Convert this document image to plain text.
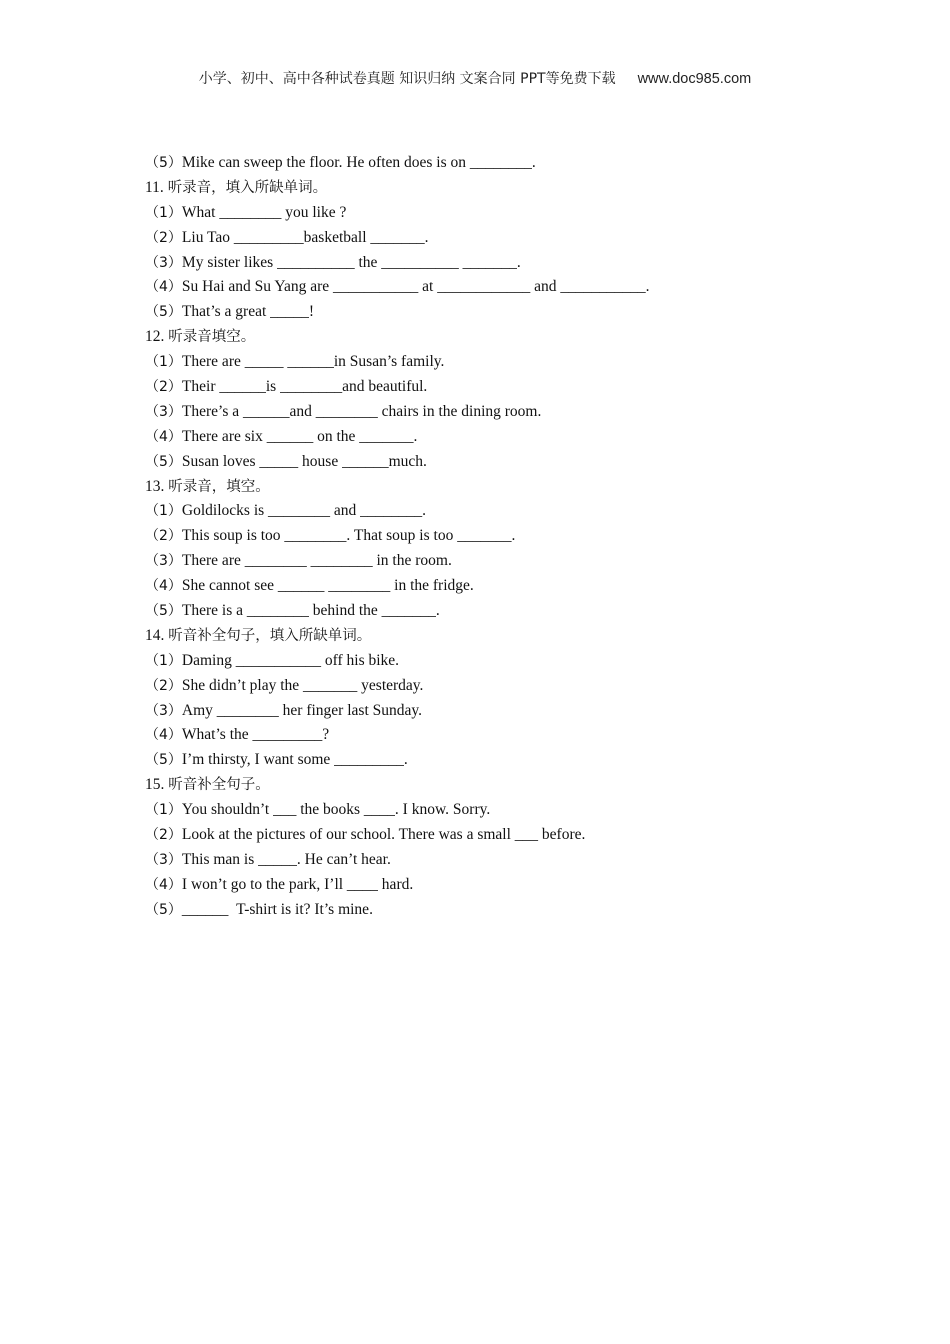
小学、初中、高中各种试卷真题 知识归纳 文案合同 PPT等免费下载 www.doc985.com
（5）Mike can sweep the floor. He often does is on ________.
11. 听录音，填入所缺单词。
（1）What ________ you like ?
（2）Liu Tao _________basketball _______.
（3）My sister likes __________ the __________ _______.
（4）Su Hai and Su Yang are ___________ at ____________ and ___________.
（5）That’s a great _____!
12. 听录音填空。
（1）There are _____ ______in Susan’s family.
（2）Their ______is ________and beautiful.
（3）There’s a ______and ________ chairs in the dining room.
（4）There are six ______ on the _______.
（5）Susan loves _____ house ______much.
13. 听录音，填空。
（1）Goldilocks is ________ and ________.
（2）This soup is too ________. That soup is too _______.
（3）There are ________ ________ in the room.
（4）She cannot see ______ ________ in the fridge.
（5）There is a ________ behind the _______.
14. 听音补全句子，填入所缺单词。
（1）Daming ___________ off his bike.
（2）She didn’t play the _______ yesterday.
（3）Amy ________ her finger last Sunday.
（4）What’s the _________?
（5）I’m thirsty, I want some _________.
15. 听音补全句子。
（1）You shouldn’t ___ the books ____. I know. Sorry.
（2）Look at the pictures of our school. There was a small ___ before.
（3）This man is _____. He can’t hear.
（4）I won’t go to the park, I’ll ____ hard.
（5）______  T-shirt is it? It’s mine.
